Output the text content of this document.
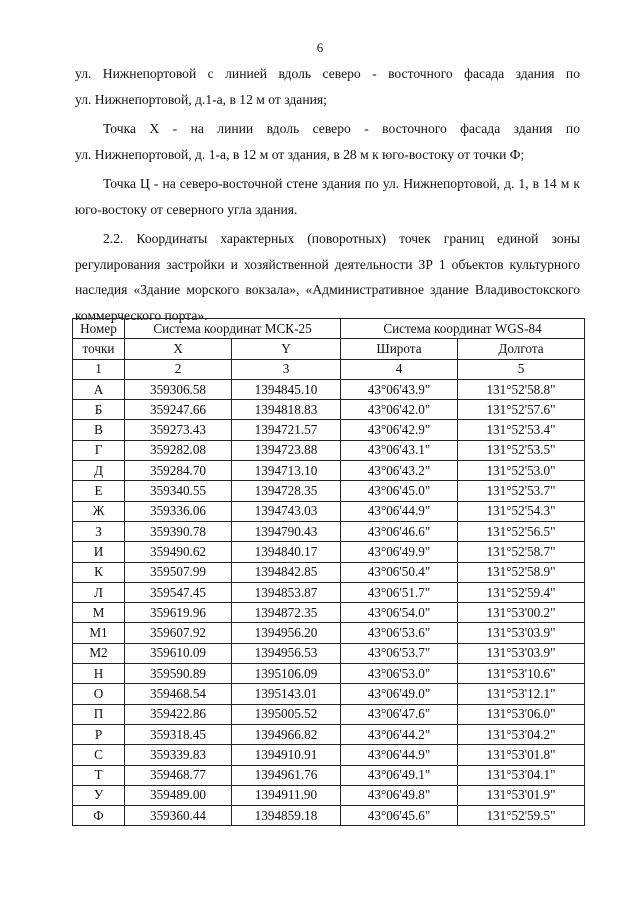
6

ул. Нижнепортовой с линией вдоль северо - восточного фасада здания по

ул. Нижнепортовой, д.1-а, в 12 м от здания;

Точка Х - на линии вдоль северо - восточного фасада здания по

ул. Нижнепортовой, д. 1-а, в 12 м от здания, в 28 м к юго-востоку от точки Ф;

Точка Ц - на северо-восточной стене здания по ул. Нижнепортовой, д. 1, в 14 м к юго-востоку от северного угла здания.

2.2. Координаты характерных (поворотных) точек границ единой зоны регулирования застройки и хозяйственной деятельности ЗР 1 объектов культурного наследия «Здание морского вокзала», «Административное здание Владивостокского коммерческого порта».

Номер	Система координат МСК-25		Система координат WGS-84	
точки	X	Y	Широта	Долгота
1	2	3	4	5
А	359306.58	1394845.10	43°06'43.9"	131°52'58.8"
Б	359247.66	1394818.83	43°06'42.0"	131°52'57.6"
В	359273.43	1394721.57	43°06'42.9"	131°52'53.4"
Г	359282.08	1394723.88	43°06'43.1"	131°52'53.5"
Д	359284.70	1394713.10	43°06'43.2"	131°52'53.0"
Е	359340.55	1394728.35	43°06'45.0"	131°52'53.7"
Ж	359336.06	1394743.03	43°06'44.9"	131°52'54.3"
З	359390.78	1394790.43	43°06'46.6"	131°52'56.5"
И	359490.62	1394840.17	43°06'49.9"	131°52'58.7"
К	359507.99	1394842.85	43°06'50.4"	131°52'58.9"
Л	359547.45	1394853.87	43°06'51.7"	131°52'59.4"
М	359619.96	1394872.35	43°06'54.0"	131°53'00.2"
М1	359607.92	1394956.20	43°06'53.6"	131°53'03.9"
М2	359610.09	1394956.53	43°06'53.7"	131°53'03.9"
Н	359590.89	1395106.09	43°06'53.0"	131°53'10.6"
О	359468.54	1395143.01	43°06'49.0"	131°53'12.1"
П	359422.86	1395005.52	43°06'47.6"	131°53'06.0"
Р	359318.45	1394966.82	43°06'44.2"	131°53'04.2"
С	359339.83	1394910.91	43°06'44.9"	131°53'01.8"
Т	359468.77	1394961.76	43°06'49.1"	131°53'04.1"
У	359489.00	1394911.90	43°06'49.8"	131°53'01.9"
Ф	359360.44	1394859.18	43°06'45.6"	131°52'59.5"
